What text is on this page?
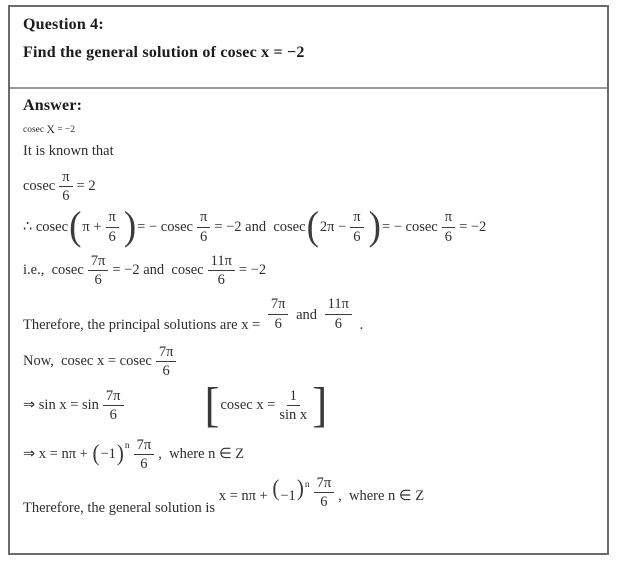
Question 4:
Find the general solution of cosec x = −2
Answer:
cosec X = −2
It is known that
cosec $\frac{\pi}{6} = 2$
∴ cosec ( $\pi + \frac{\pi}{6}$ ) = − cosec $\frac{\pi}{6} = -2$ and  cosec ( $2\pi - \frac{\pi}{6}$ ) = − cosec $\frac{\pi}{6} = -2$
i.e.,  cosec $\frac{7\pi}{6} = -2$ and  cosec $\frac{11\pi}{6} = -2$
Therefore, the principal solutions are $x = \frac{7\pi}{6}$ and $\frac{11\pi}{6}$ .
Now,  cosec x = cosec $\frac{7\pi}{6}$
⇒ $\sin x = \sin \frac{7\pi}{6}$ [ cosec $x = \frac{1}{\text{sin x}}$ ]
⇒ x = nπ + ( −1 ) n $\frac{7\pi}{6}$ ,  where n ∈ Z
Therefore, the general solution is
x = nπ + ( −1 ) n $\frac{7\pi}{6}$ ,  where n ∈ Z
